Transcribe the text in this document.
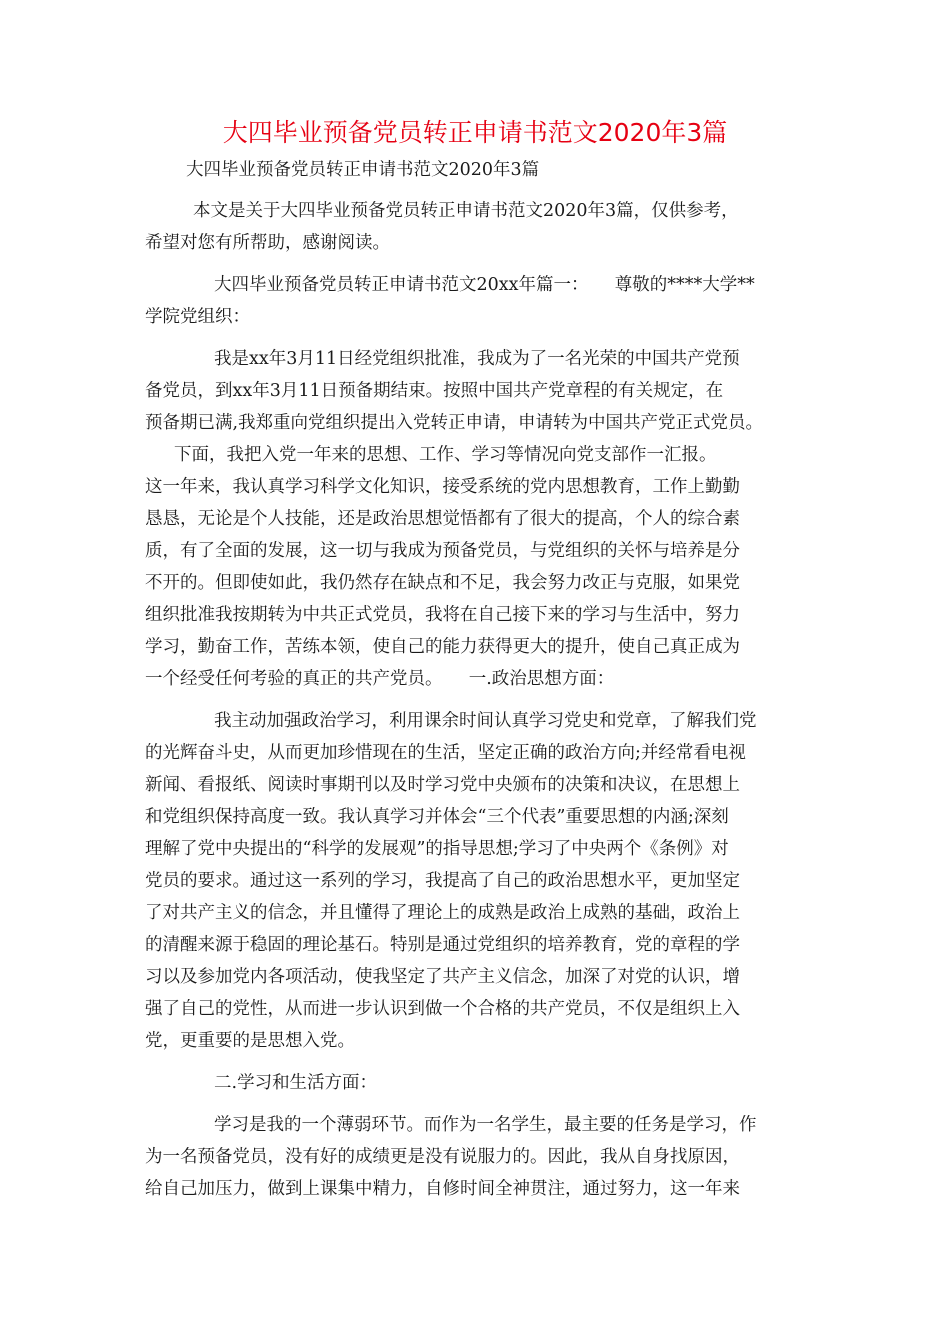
大四毕业预备党员转正申请书范文2020年3篇

大四毕业预备党员转正申请书范文2020年3篇

本文是关于大四毕业预备党员转正申请书范文2020年3篇，仅供参考，

希望对您有所帮助，感谢阅读。

大四毕业预备党员转正申请书范文20xx年篇一：　　尊敬的****大学**

学院党组织：

我是xx年3月11日经党组织批准，我成为了一名光荣的中国共产党预

备党员，到xx年3月11日预备期结束。按照中国共产党章程的有关规定，在

预备期已满,我郑重向党组织提出入党转正申请，申请转为中国共产党正式党员。

下面，我把入党一年来的思想、工作、学习等情况向党支部作一汇报。

这一年来，我认真学习科学文化知识，接受系统的党内思想教育，工作上勤勤

恳恳，无论是个人技能，还是政治思想觉悟都有了很大的提高，个人的综合素

质，有了全面的发展，这一切与我成为预备党员，与党组织的关怀与培养是分

不开的。但即使如此，我仍然存在缺点和不足，我会努力改正与克服，如果党

组织批准我按期转为中共正式党员，我将在自己接下来的学习与生活中，努力

学习，勤奋工作，苦练本领，使自己的能力获得更大的提升，使自己真正成为

一个经受任何考验的真正的共产党员。　　一.政治思想方面：

我主动加强政治学习，利用课余时间认真学习党史和党章，了解我们党

的光辉奋斗史，从而更加珍惜现在的生活，坚定正确的政治方向;并经常看电视

新闻、看报纸、阅读时事期刊以及时学习党中央颁布的决策和决议，在思想上

和党组织保持高度一致。我认真学习并体会“三个代表”重要思想的内涵;深刻

理解了党中央提出的“科学的发展观”的指导思想;学习了中央两个《条例》对

党员的要求。通过这一系列的学习，我提高了自己的政治思想水平，更加坚定

了对共产主义的信念，并且懂得了理论上的成熟是政治上成熟的基础，政治上

的清醒来源于稳固的理论基石。特别是通过党组织的培养教育，党的章程的学

习以及参加党内各项活动，使我坚定了共产主义信念，加深了对党的认识，增

强了自己的党性，从而进一步认识到做一个合格的共产党员，不仅是组织上入

党，更重要的是思想入党。

二.学习和生活方面：

学习是我的一个薄弱环节。而作为一名学生，最主要的任务是学习，作

为一名预备党员，没有好的成绩更是没有说服力的。因此，我从自身找原因，

给自己加压力，做到上课集中精力，自修时间全神贯注，通过努力，这一年来
